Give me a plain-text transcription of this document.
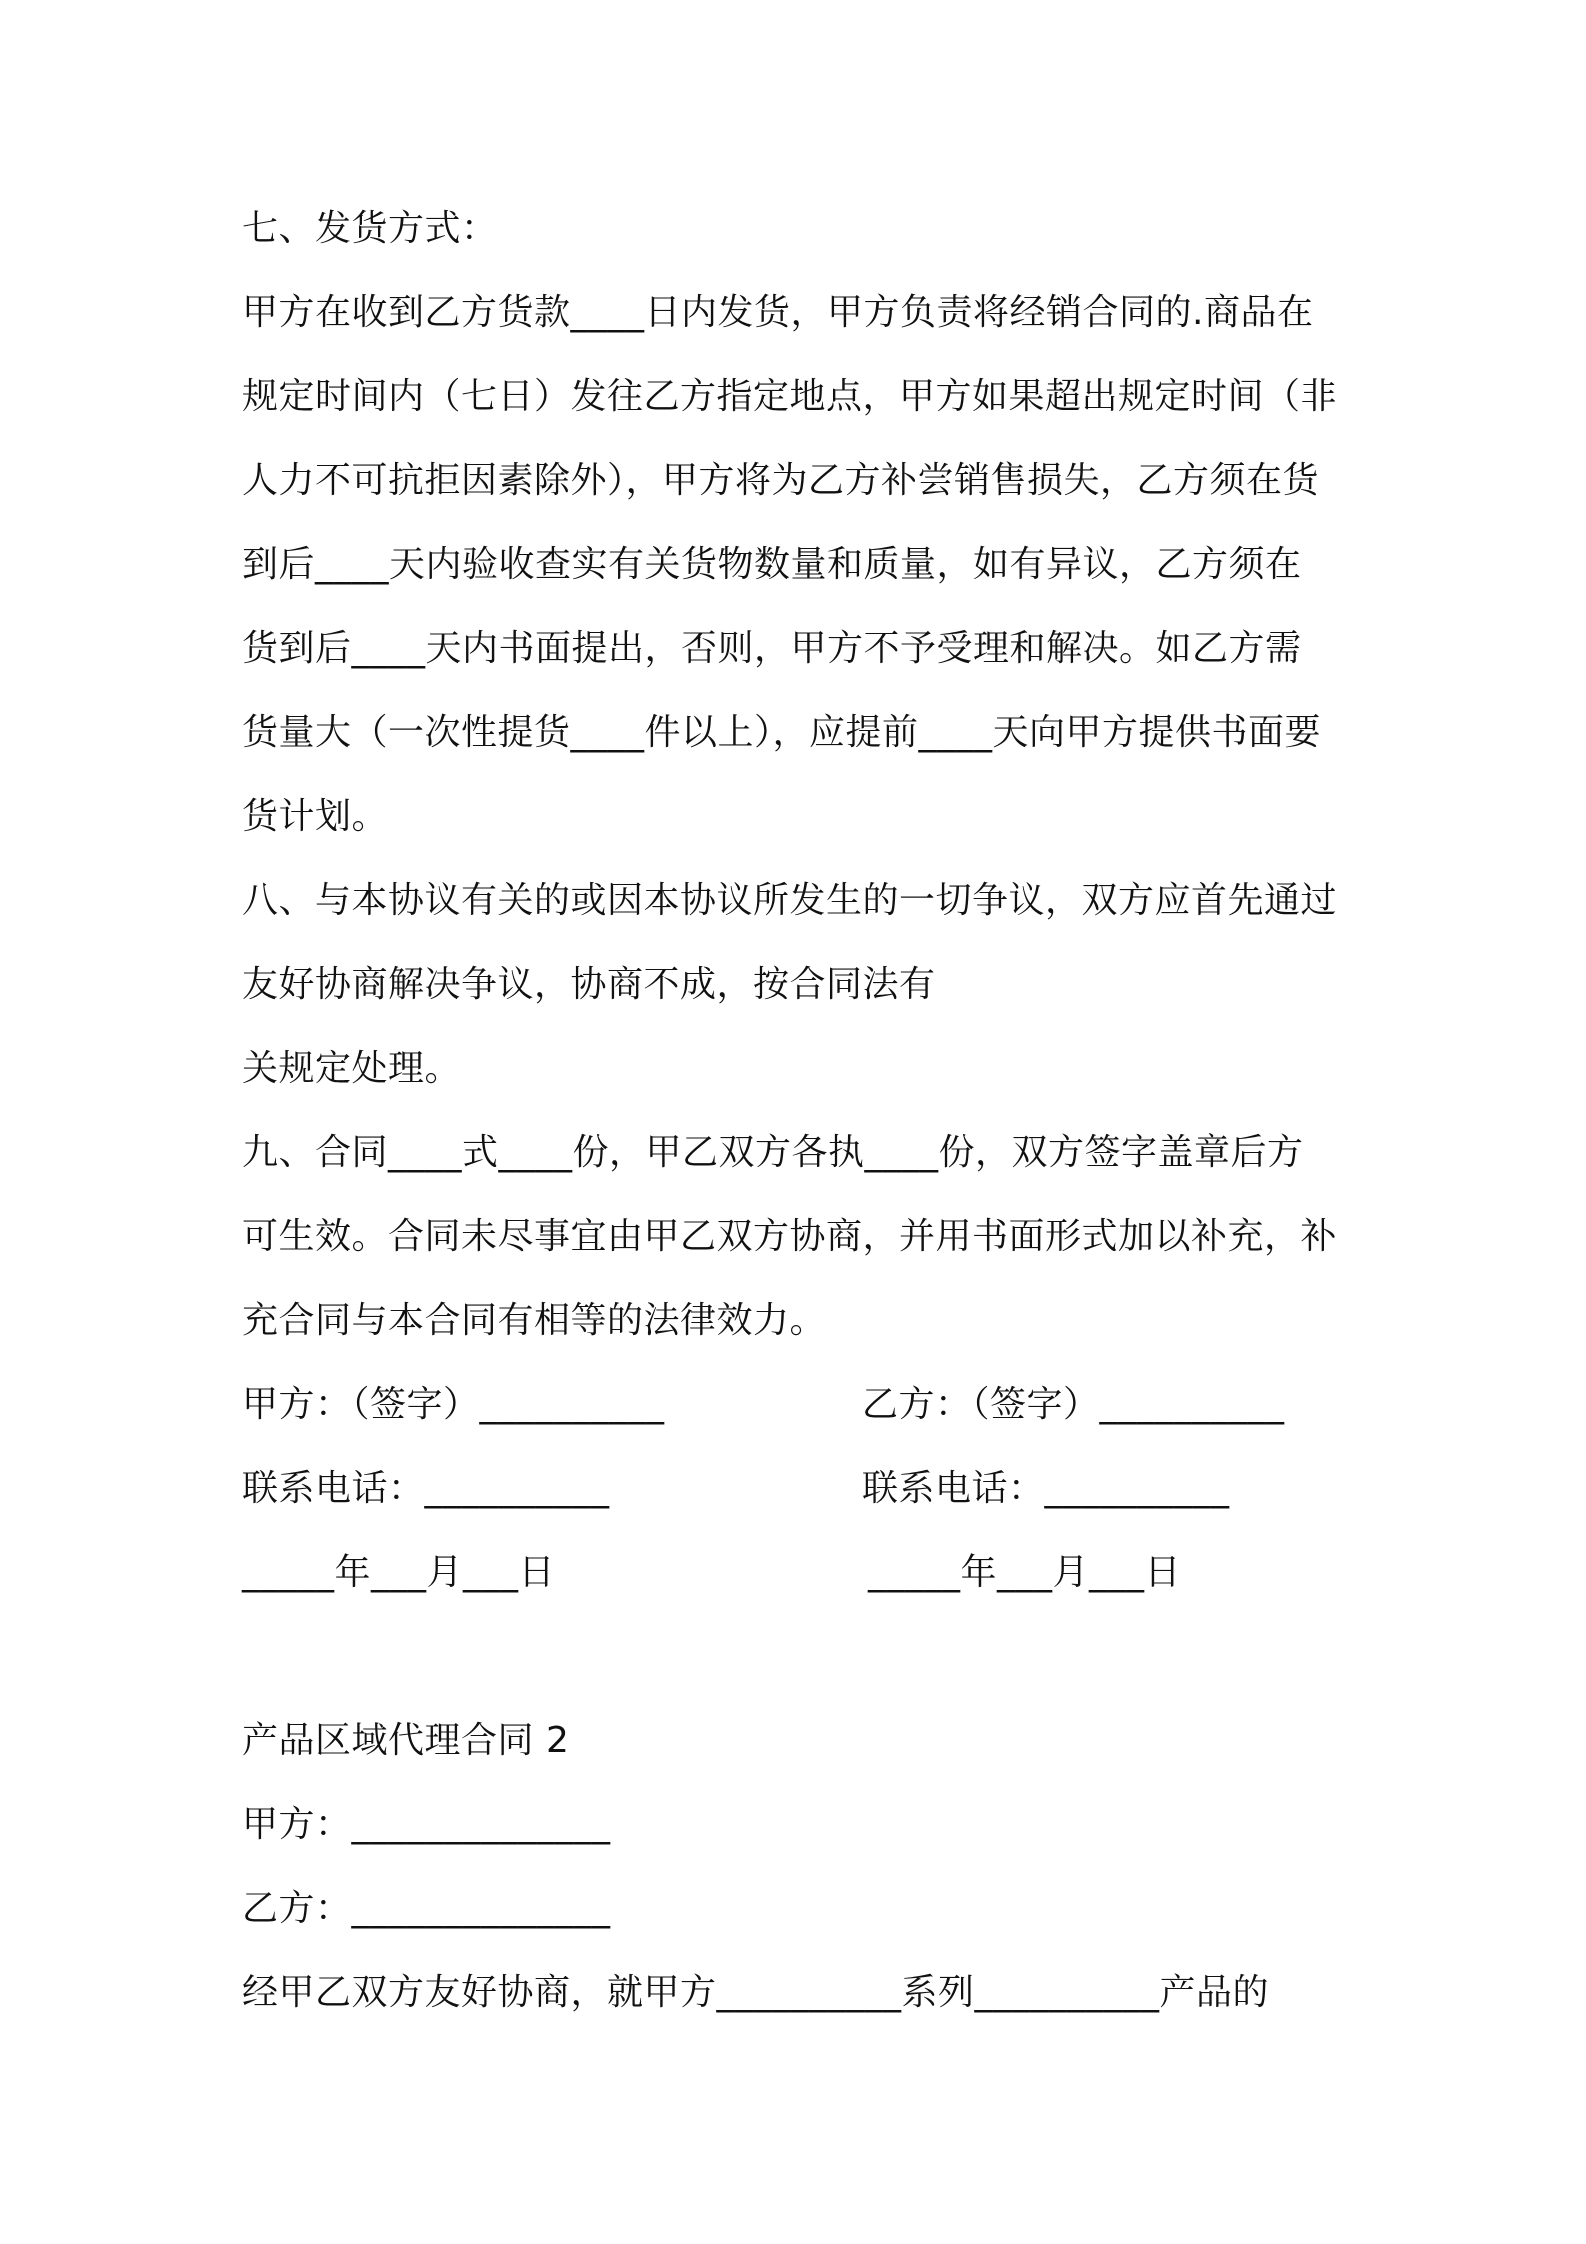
七、发货方式：
甲方在收到乙方货款____日内发货，甲方负责将经销合同的.商品在
规定时间内（七日）发往乙方指定地点，甲方如果超出规定时间（非
人力不可抗拒因素除外），甲方将为乙方补尝销售损失，乙方须在货
到后____天内验收查实有关货物数量和质量，如有异议，乙方须在
货到后____天内书面提出，否则，甲方不予受理和解决。如乙方需
货量大（一次性提货____件以上），应提前____天向甲方提供书面要
货计划。
八、与本协议有关的或因本协议所发生的一切争议，双方应首先通过
友好协商解决争议，协商不成，按合同法有
关规定处理。
九、合同____式____份，甲乙双方各执____份，双方签字盖章后方
可生效。合同未尽事宜由甲乙双方协商，并用书面形式加以补充，补
充合同与本合同有相等的法律效力。
甲方：（签字）__________	乙方：（签字）__________
联系电话：__________	联系电话：__________
_____年___月___日	_____年___月___日
产品区域代理合同 2
甲方：______________
乙方：______________
经甲乙双方友好协商，就甲方__________系列__________产品的
